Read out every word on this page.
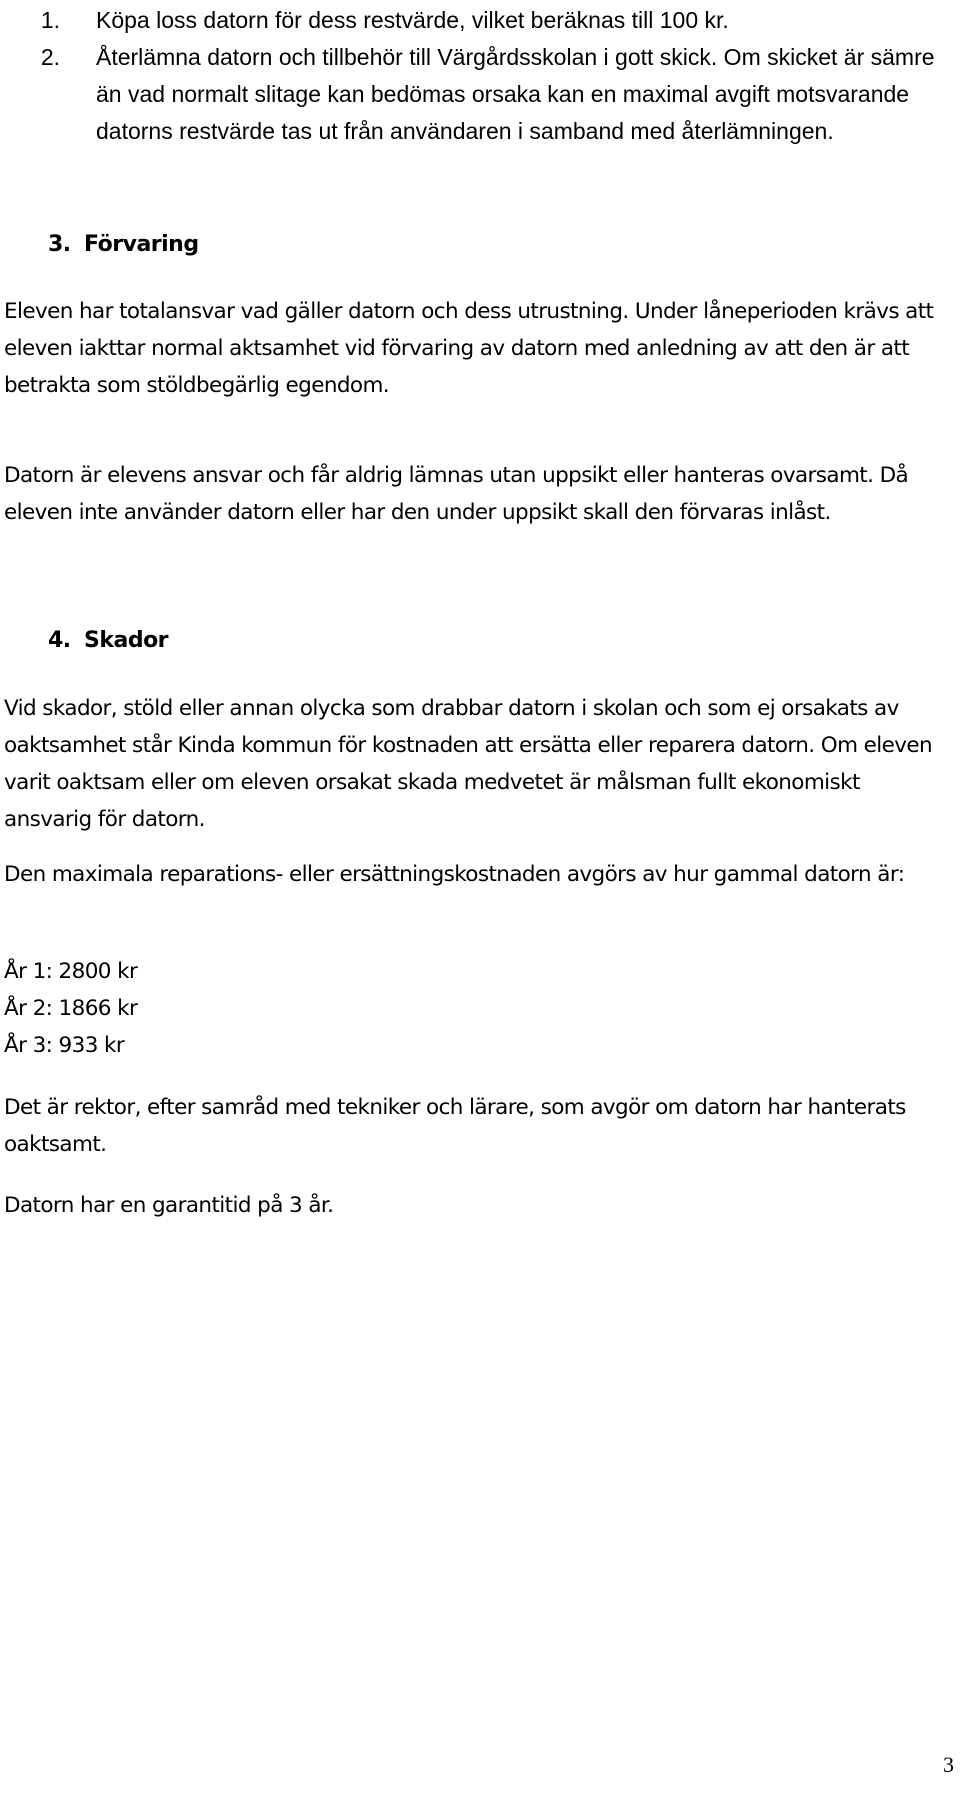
1. Köpa loss datorn för dess restvärde, vilket beräknas till 100 kr.
2. Återlämna datorn och tillbehör till Värgårdsskolan i gott skick. Om skicket är sämre än vad normalt slitage kan bedömas orsaka kan en maximal avgift motsvarande datorns restvärde tas ut från användaren i samband med återlämningen.
3. Förvaring

Eleven har totalansvar vad gäller datorn och dess utrustning. Under låneperioden krävs att eleven iakttar normal aktsamhet vid förvaring av datorn med anledning av att den är att betrakta som stöldbegärlig egendom.

Datorn är elevens ansvar och får aldrig lämnas utan uppsikt eller hanteras ovarsamt. Då eleven inte använder datorn eller har den under uppsikt skall den förvaras inlåst.

4. Skador

Vid skador, stöld eller annan olycka som drabbar datorn i skolan och som ej orsakats av oaktsamhet står Kinda kommun för kostnaden att ersätta eller reparera datorn. Om eleven varit oaktsam eller om eleven orsakat skada medvetet är målsman fullt ekonomiskt ansvarig för datorn.

Den maximala reparations- eller ersättningskostnaden avgörs av hur gammal datorn är:

År 1: 2800 kr
År 2: 1866 kr
År 3: 933 kr

Det är rektor, efter samråd med tekniker och lärare, som avgör om datorn har hanterats oaktsamt.

Datorn har en garantitid på 3 år.

3
